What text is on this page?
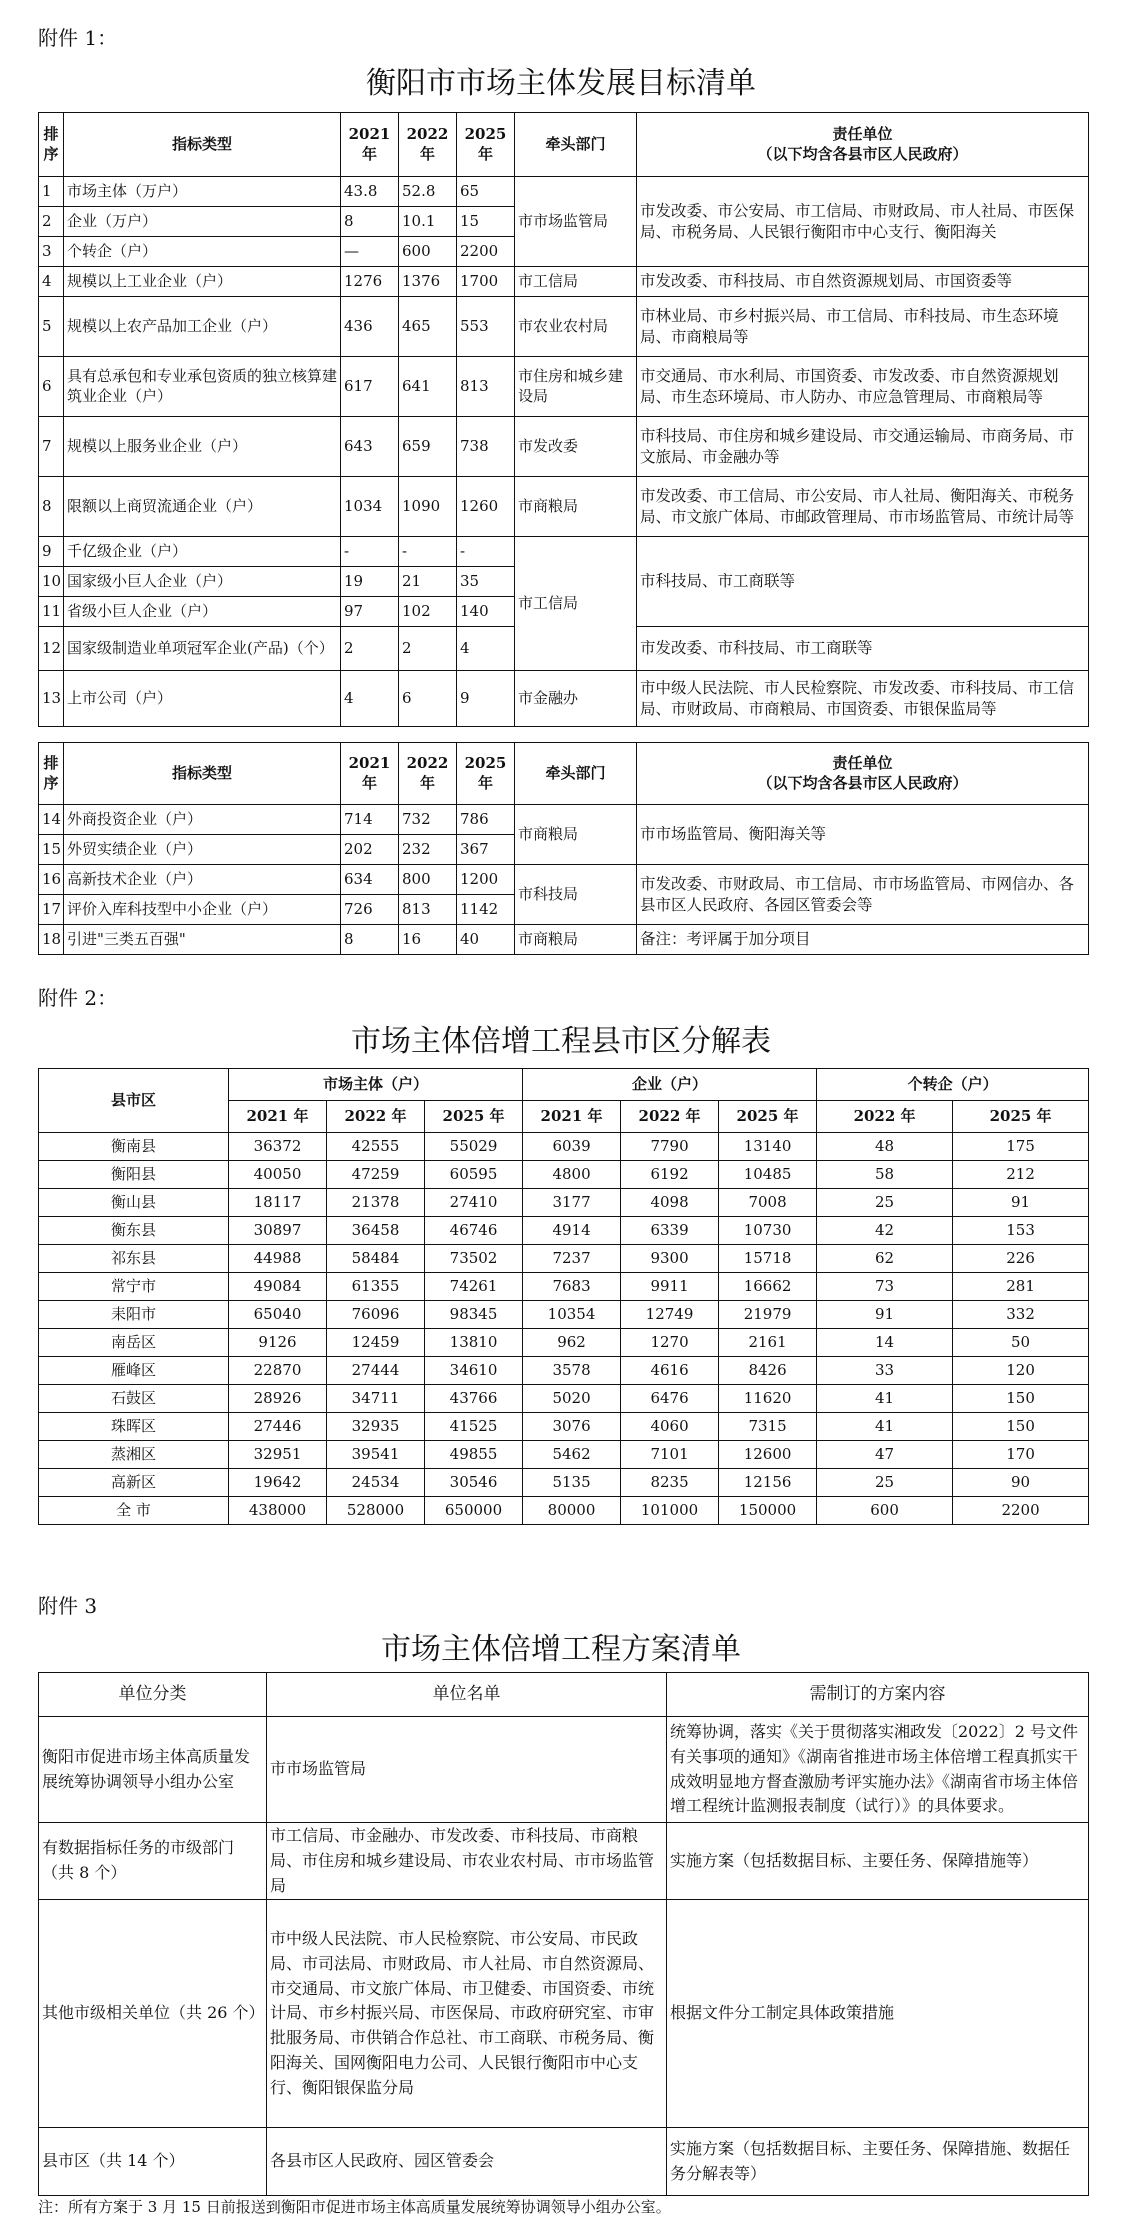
附件 1：
衡阳市市场主体发展目标清单
排序	指标类型	2021 年	2022 年	2025 年	牵头部门	责任单位
（以下均含各县市区人民政府）

1	市场主体（万户）	43.8	52.8	65	市市场监管局	市发改委、市公安局、市工信局、市财政局、市人社局、市医保局、市税务局、人民银行衡阳市中心支行、衡阳海关
2	企业（万户）	8	10.1	15		
3	个转企（户）	—	600	2200		
4	规模以上工业企业（户）	1276	1376	1700	市工信局	市发改委、市科技局、市自然资源规划局、市国资委等
5	规模以上农产品加工企业（户）	436	465	553	市农业农村局	市林业局、市乡村振兴局、市工信局、市科技局、市生态环境局、市商粮局等
6	具有总承包和专业承包资质的独立核算建筑业企业（户）	617	641	813	市住房和城乡建设局	市交通局、市水利局、市国资委、市发改委、市自然资源规划局、市生态环境局、市人防办、市应急管理局、市商粮局等
7	规模以上服务业企业（户）	643	659	738	市发改委	市科技局、市住房和城乡建设局、市交通运输局、市商务局、市文旅局、市金融办等
8	限额以上商贸流通企业（户）	1034	1090	1260	市商粮局	市发改委、市工信局、市公安局、市人社局、衡阳海关、市税务局、市文旅广体局、市邮政管理局、市市场监管局、市统计局等
9	千亿级企业（户）	-	-	-	市工信局	市科技局、市工商联等
10	国家级小巨人企业（户）	19	21	35		
11	省级小巨人企业（户）	97	102	140		
12	国家级制造业单项冠军企业(产品)（个）	2	2	4		市发改委、市科技局、市工商联等
13	上市公司（户）	4	6	9	市金融办	市中级人民法院、市人民检察院、市发改委、市科技局、市工信局、市财政局、市商粮局、市国资委、市银保监局等
排序	指标类型	2021 年	2022 年	2025 年	牵头部门	责任单位
（以下均含各县市区人民政府）

14	外商投资企业（户）	714	732	786	市商粮局	市市场监管局、衡阳海关等
15	外贸实绩企业（户）	202	232	367		
16	高新技术企业（户）	634	800	1200	市科技局	市发改委、市财政局、市工信局、市市场监管局、市网信办、各县市区人民政府、各园区管委会等
17	评价入库科技型中小企业（户）	726	813	1142		
18	引进"三类五百强"	8	16	40	市商粮局	备注：考评属于加分项目
附件 2：
市场主体倍增工程县市区分解表
县市区	市场主体（户）			企业（户）			个转企（户）	
	2021 年	2022 年	2025 年	2021 年	2022 年	2025 年	2022 年	2025 年
衡南县	36372	42555	55029	6039	7790	13140	48	175
衡阳县	40050	47259	60595	4800	6192	10485	58	212
衡山县	18117	21378	27410	3177	4098	7008	25	91
衡东县	30897	36458	46746	4914	6339	10730	42	153
祁东县	44988	58484	73502	7237	9300	15718	62	226
常宁市	49084	61355	74261	7683	9911	16662	73	281
耒阳市	65040	76096	98345	10354	12749	21979	91	332
南岳区	9126	12459	13810	962	1270	2161	14	50
雁峰区	22870	27444	34610	3578	4616	8426	33	120
石鼓区	28926	34711	43766	5020	6476	11620	41	150
珠晖区	27446	32935	41525	3076	4060	7315	41	150
蒸湘区	32951	39541	49855	5462	7101	12600	47	170
高新区	19642	24534	30546	5135	8235	12156	25	90
全 市	438000	528000	650000	80000	101000	150000	600	2200
附件 3
市场主体倍增工程方案清单
单位分类	单位名单	需制订的方案内容
衡阳市促进市场主体高质量发展统筹协调领导小组办公室	市市场监管局	统筹协调，落实《关于贯彻落实湘政发〔2022〕2 号文件有关事项的通知》《湖南省推进市场主体倍增工程真抓实干成效明显地方督查激励考评实施办法》《湖南省市场主体倍增工程统计监测报表制度（试行）》的具体要求。
有数据指标任务的市级部门（共 8 个）	市工信局、市金融办、市发改委、市科技局、市商粮局、市住房和城乡建设局、市农业农村局、市市场监管局	实施方案（包括数据目标、主要任务、保障措施等）
其他市级相关单位（共 26 个）	市中级人民法院、市人民检察院、市公安局、市民政局、市司法局、市财政局、市人社局、市自然资源局、市交通局、市文旅广体局、市卫健委、市国资委、市统计局、市乡村振兴局、市医保局、市政府研究室、市审批服务局、市供销合作总社、市工商联、市税务局、衡阳海关、国网衡阳电力公司、人民银行衡阳市中心支行、衡阳银保监分局	根据文件分工制定具体政策措施
县市区（共 14 个）	各县市区人民政府、园区管委会	实施方案（包括数据目标、主要任务、保障措施、数据任务分解表等）
注：所有方案于 3 月 15 日前报送到衡阳市促进市场主体高质量发展统筹协调领导小组办公室。
